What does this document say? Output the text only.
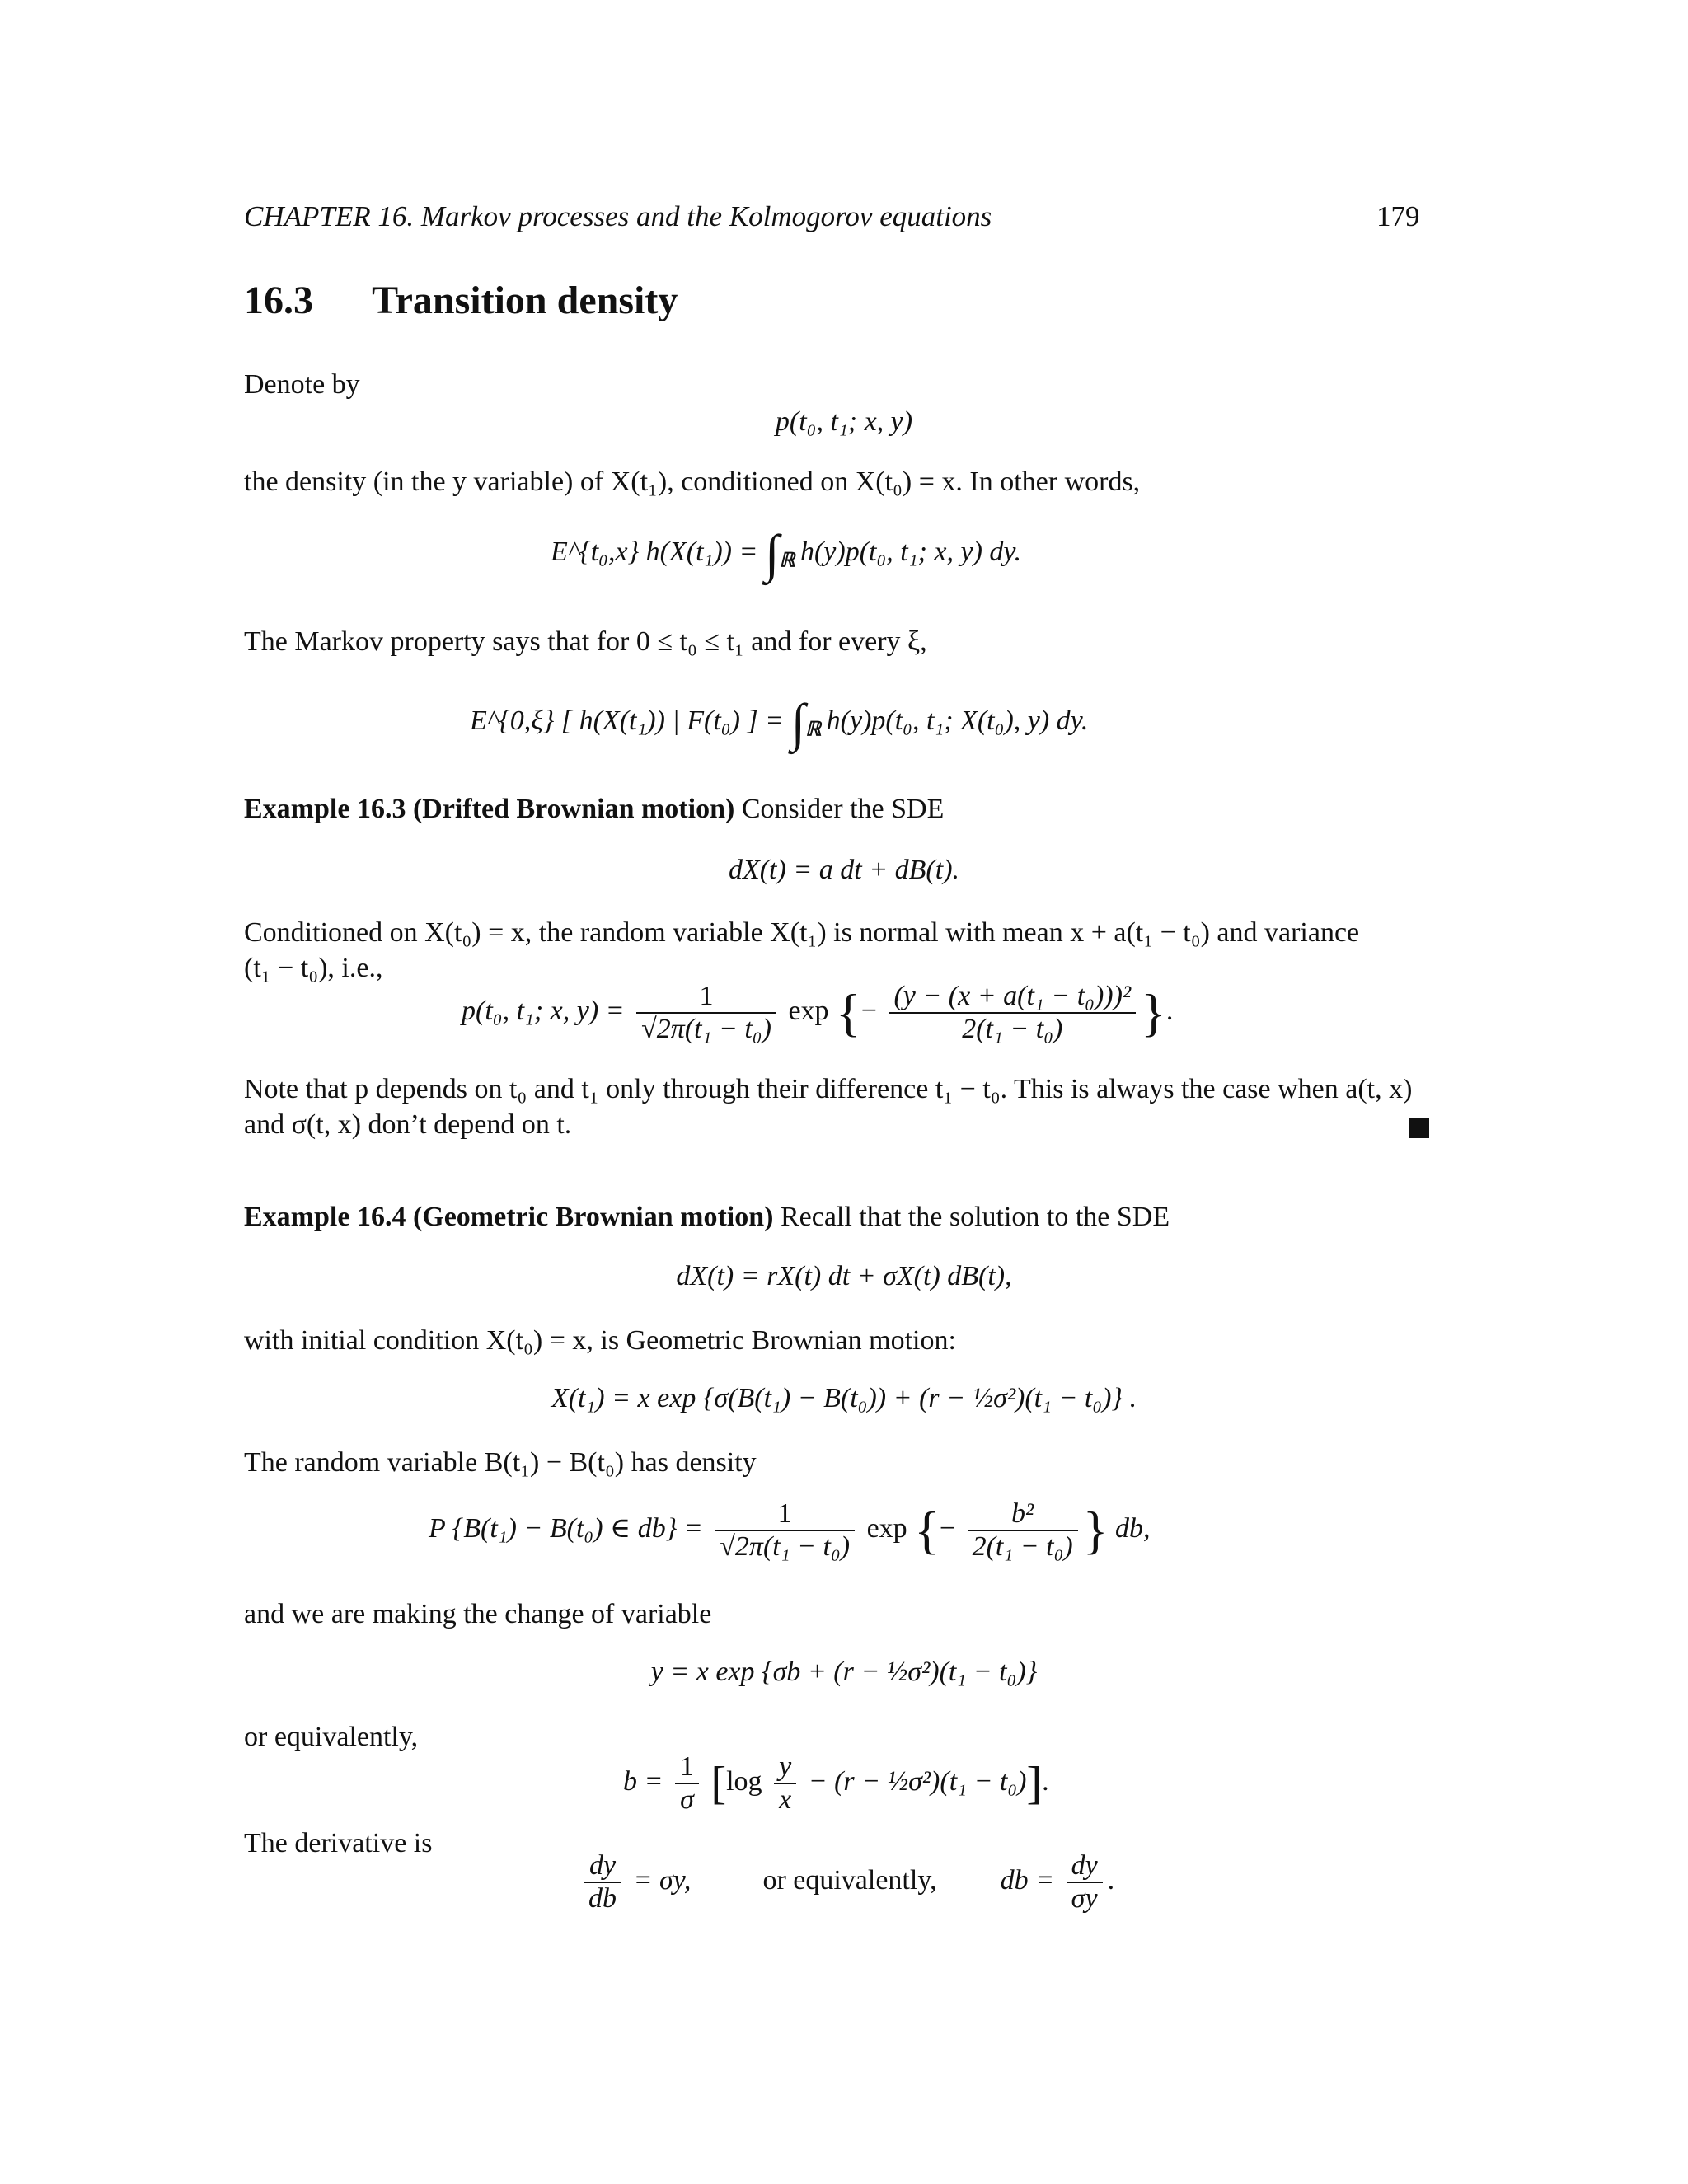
CHAPTER 16. Markov processes and the Kolmogorov equations	179
16.3 Transition density
Denote by
p(t₀, t₁; x, y)
the density (in the y variable) of X(t₁), conditioned on X(t₀) = x. In other words,
E^{t₀,x} $h(X(t_1)) = \int_ℝ$ h(y)p(t₀, t₁; x, y) dy.
The Markov property says that for 0 ≤ t₀ ≤ t₁ and for every ξ,
E^{0,ξ} [ h(X(t₁)) | F(t₀) ] = $\int_ℝ$ h(y)p(t₀, t₁; X(t₀), y) dy.
Example 16.3 (Drifted Brownian motion) Consider the SDE
dX(t) = a dt + dB(t).
Conditioned on X(t₀) = x, the random variable X(t₁) is normal with mean x + a(t₁ − t₀) and variance
(t₁ − t₀), i.e.,
p(t₀, t₁; x, $y) = \frac{1}{\text{√2π(t₁ − t₀)}}$ exp {− $\frac{\text{(y − (x + a(t₁ − t₀)))²}}{\text{2(t₁ − t₀)}}$ }.
Note that p depends on t₀ and t₁ only through their difference t₁ − t₀. This is always the case when a(t, x)
and σ(t, x) don’t depend on t.
Example 16.4 (Geometric Brownian motion) Recall that the solution to the SDE
dX(t) = rX(t) dt + σX(t) dB(t),
with initial condition X(t₀) = x, is Geometric Brownian motion:
X(t₁) = x exp {σ(B(t₁) − B(t₀)) + (r − ½σ²)(t₁ − t₀)} .
The random variable B(t₁) − B(t₀) has density
P {B(t₁) − B(t₀) ∈ $db\} = \frac{1}{\text{√2π(t₁ − t₀)}}$ exp {− $\frac{\text{b²}}{\text{2(t₁ − t₀)}}$ } db,
and we are making the change of variable
y = x exp {σb + (r − ½σ²)(t₁ − t₀)}
or equivalently,
$b = \frac{1}{\sigma} [\log \frac{y}{x} - (r$ − ½σ²)(t₁ − t₀)].
The derivative is
$\frac{dy}{db} = \sigma y$,	or equivalently, db = $\frac{dy}{\sigma y}$ .
